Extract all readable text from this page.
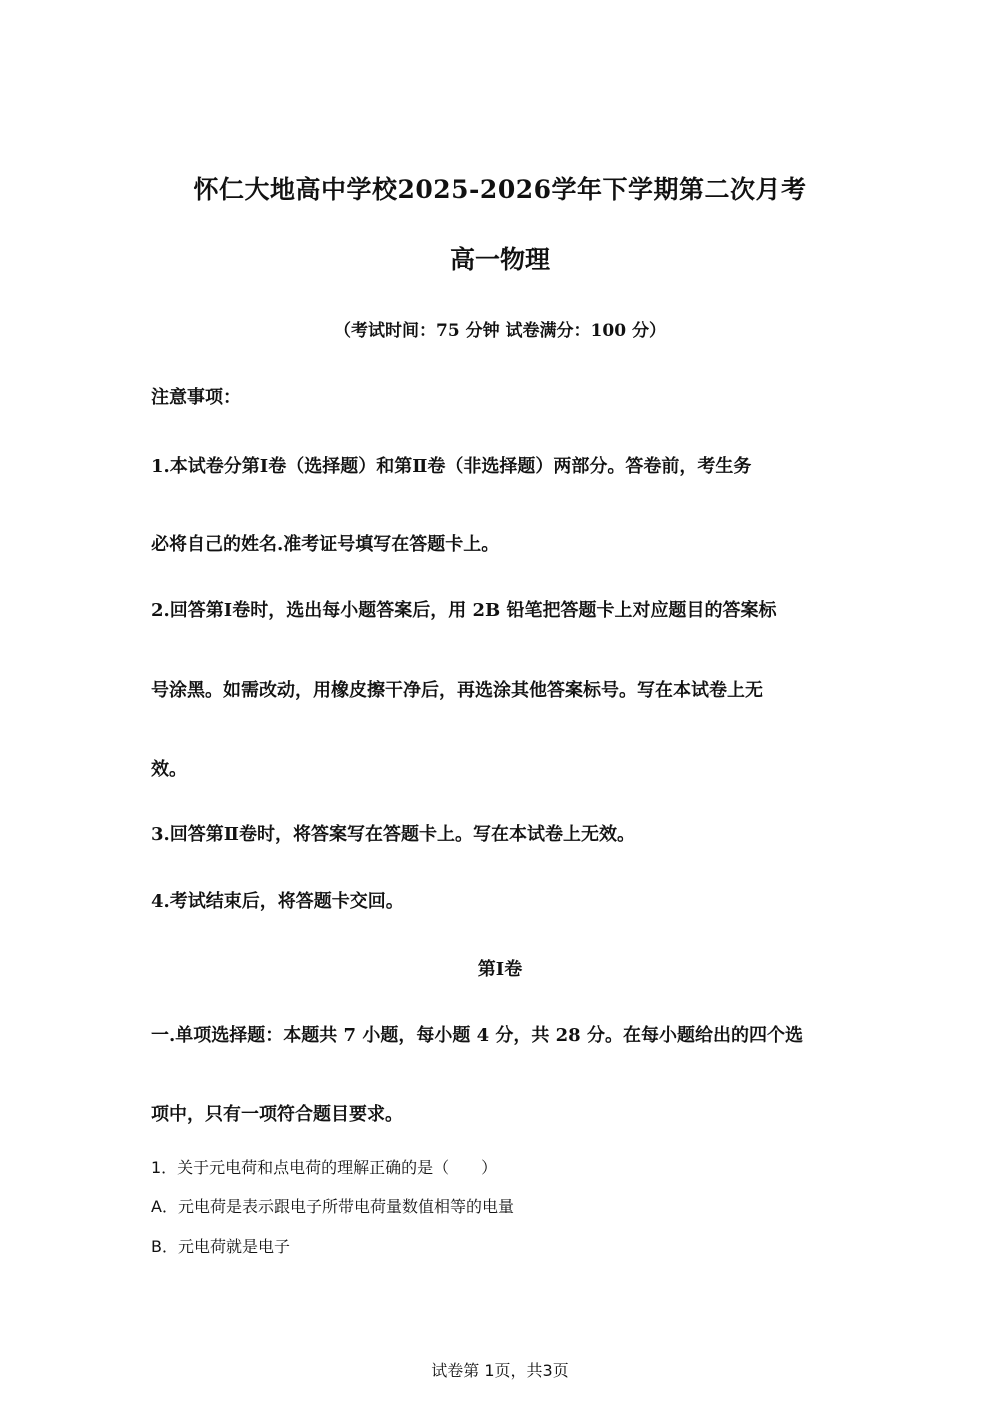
怀仁大地高中学校2025-2026学年下学期第二次月考
高一物理
（考试时间：75 分钟 试卷满分：100 分）
注意事项：
1.本试卷分第Ⅰ卷（选择题）和第Ⅱ卷（非选择题）两部分。答卷前，考生务
必将自己的姓名.准考证号填写在答题卡上。
2.回答第Ⅰ卷时，选出每小题答案后，用 2B 铅笔把答题卡上对应题目的答案标
号涂黑。如需改动，用橡皮擦干净后，再选涂其他答案标号。写在本试卷上无
效。
3.回答第Ⅱ卷时，将答案写在答题卡上。写在本试卷上无效。
4.考试结束后，将答题卡交回。
第Ⅰ卷
一.单项选择题：本题共 7 小题，每小题 4 分，共 28 分。在每小题给出的四个选
项中，只有一项符合题目要求。
1．关于元电荷和点电荷的理解正确的是（　　）
A．元电荷是表示跟电子所带电荷量数值相等的电量
B．元电荷就是电子
试卷第 1页，共3页
